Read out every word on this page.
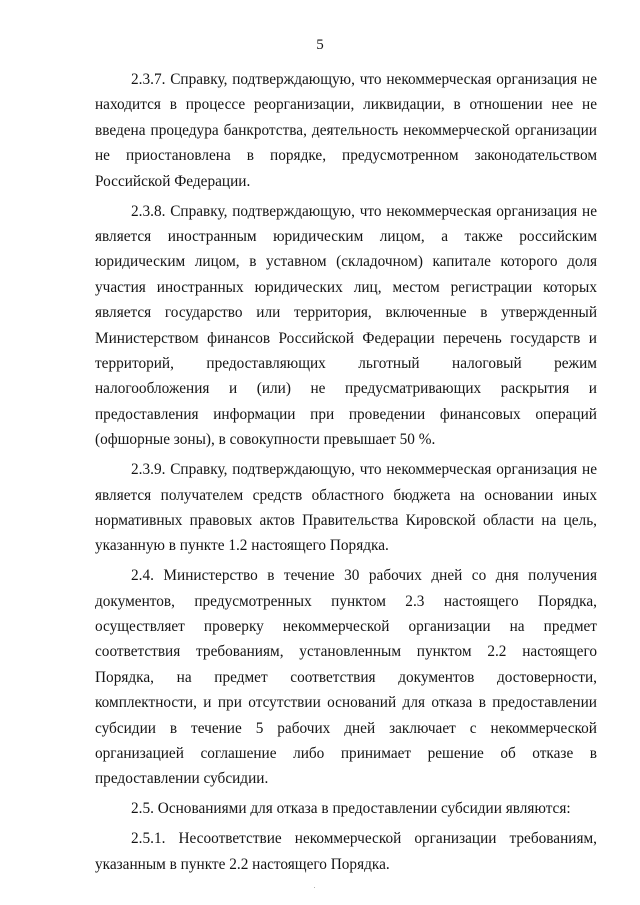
5

2.3.7. Справку, подтверждающую, что некоммерческая организация не находится в процессе реорганизации, ликвидации, в отношении нее не введена процедура банкротства, деятельность некоммерческой организации не приостановлена в порядке, предусмотренном законодательством Российской Федерации.

2.3.8. Справку, подтверждающую, что некоммерческая организация не является иностранным юридическим лицом, а также российским юридическим лицом, в уставном (складочном) капитале которого доля участия иностранных юридических лиц, местом регистрации которых является государство или территория, включенные в утвержденный Министерством финансов Российской Федерации перечень государств и территорий, предоставляющих льготный налоговый режим налогообложения и (или) не предусматривающих раскрытия и предоставления информации при проведении финансовых операций (офшорные зоны), в совокупности превышает 50 %.

2.3.9. Справку, подтверждающую, что некоммерческая организация не является получателем средств областного бюджета на основании иных нормативных правовых актов Правительства Кировской области на цель, указанную в пункте 1.2 настоящего Порядка.

2.4. Министерство в течение 30 рабочих дней со дня получения документов, предусмотренных пунктом 2.3 настоящего Порядка, осуществляет проверку некоммерческой организации на предмет соответствия требованиям, установленным пунктом 2.2 настоящего Порядка, на предмет соответствия документов достоверности, комплектности, и при отсутствии оснований для отказа в предоставлении субсидии в течение 5 рабочих дней заключает с некоммерческой организацией соглашение либо принимает решение об отказе в предоставлении субсидии.

2.5. Основаниями для отказа в предоставлении субсидии являются:

2.5.1. Несоответствие некоммерческой организации требованиям, указанным в пункте 2.2 настоящего Порядка.
